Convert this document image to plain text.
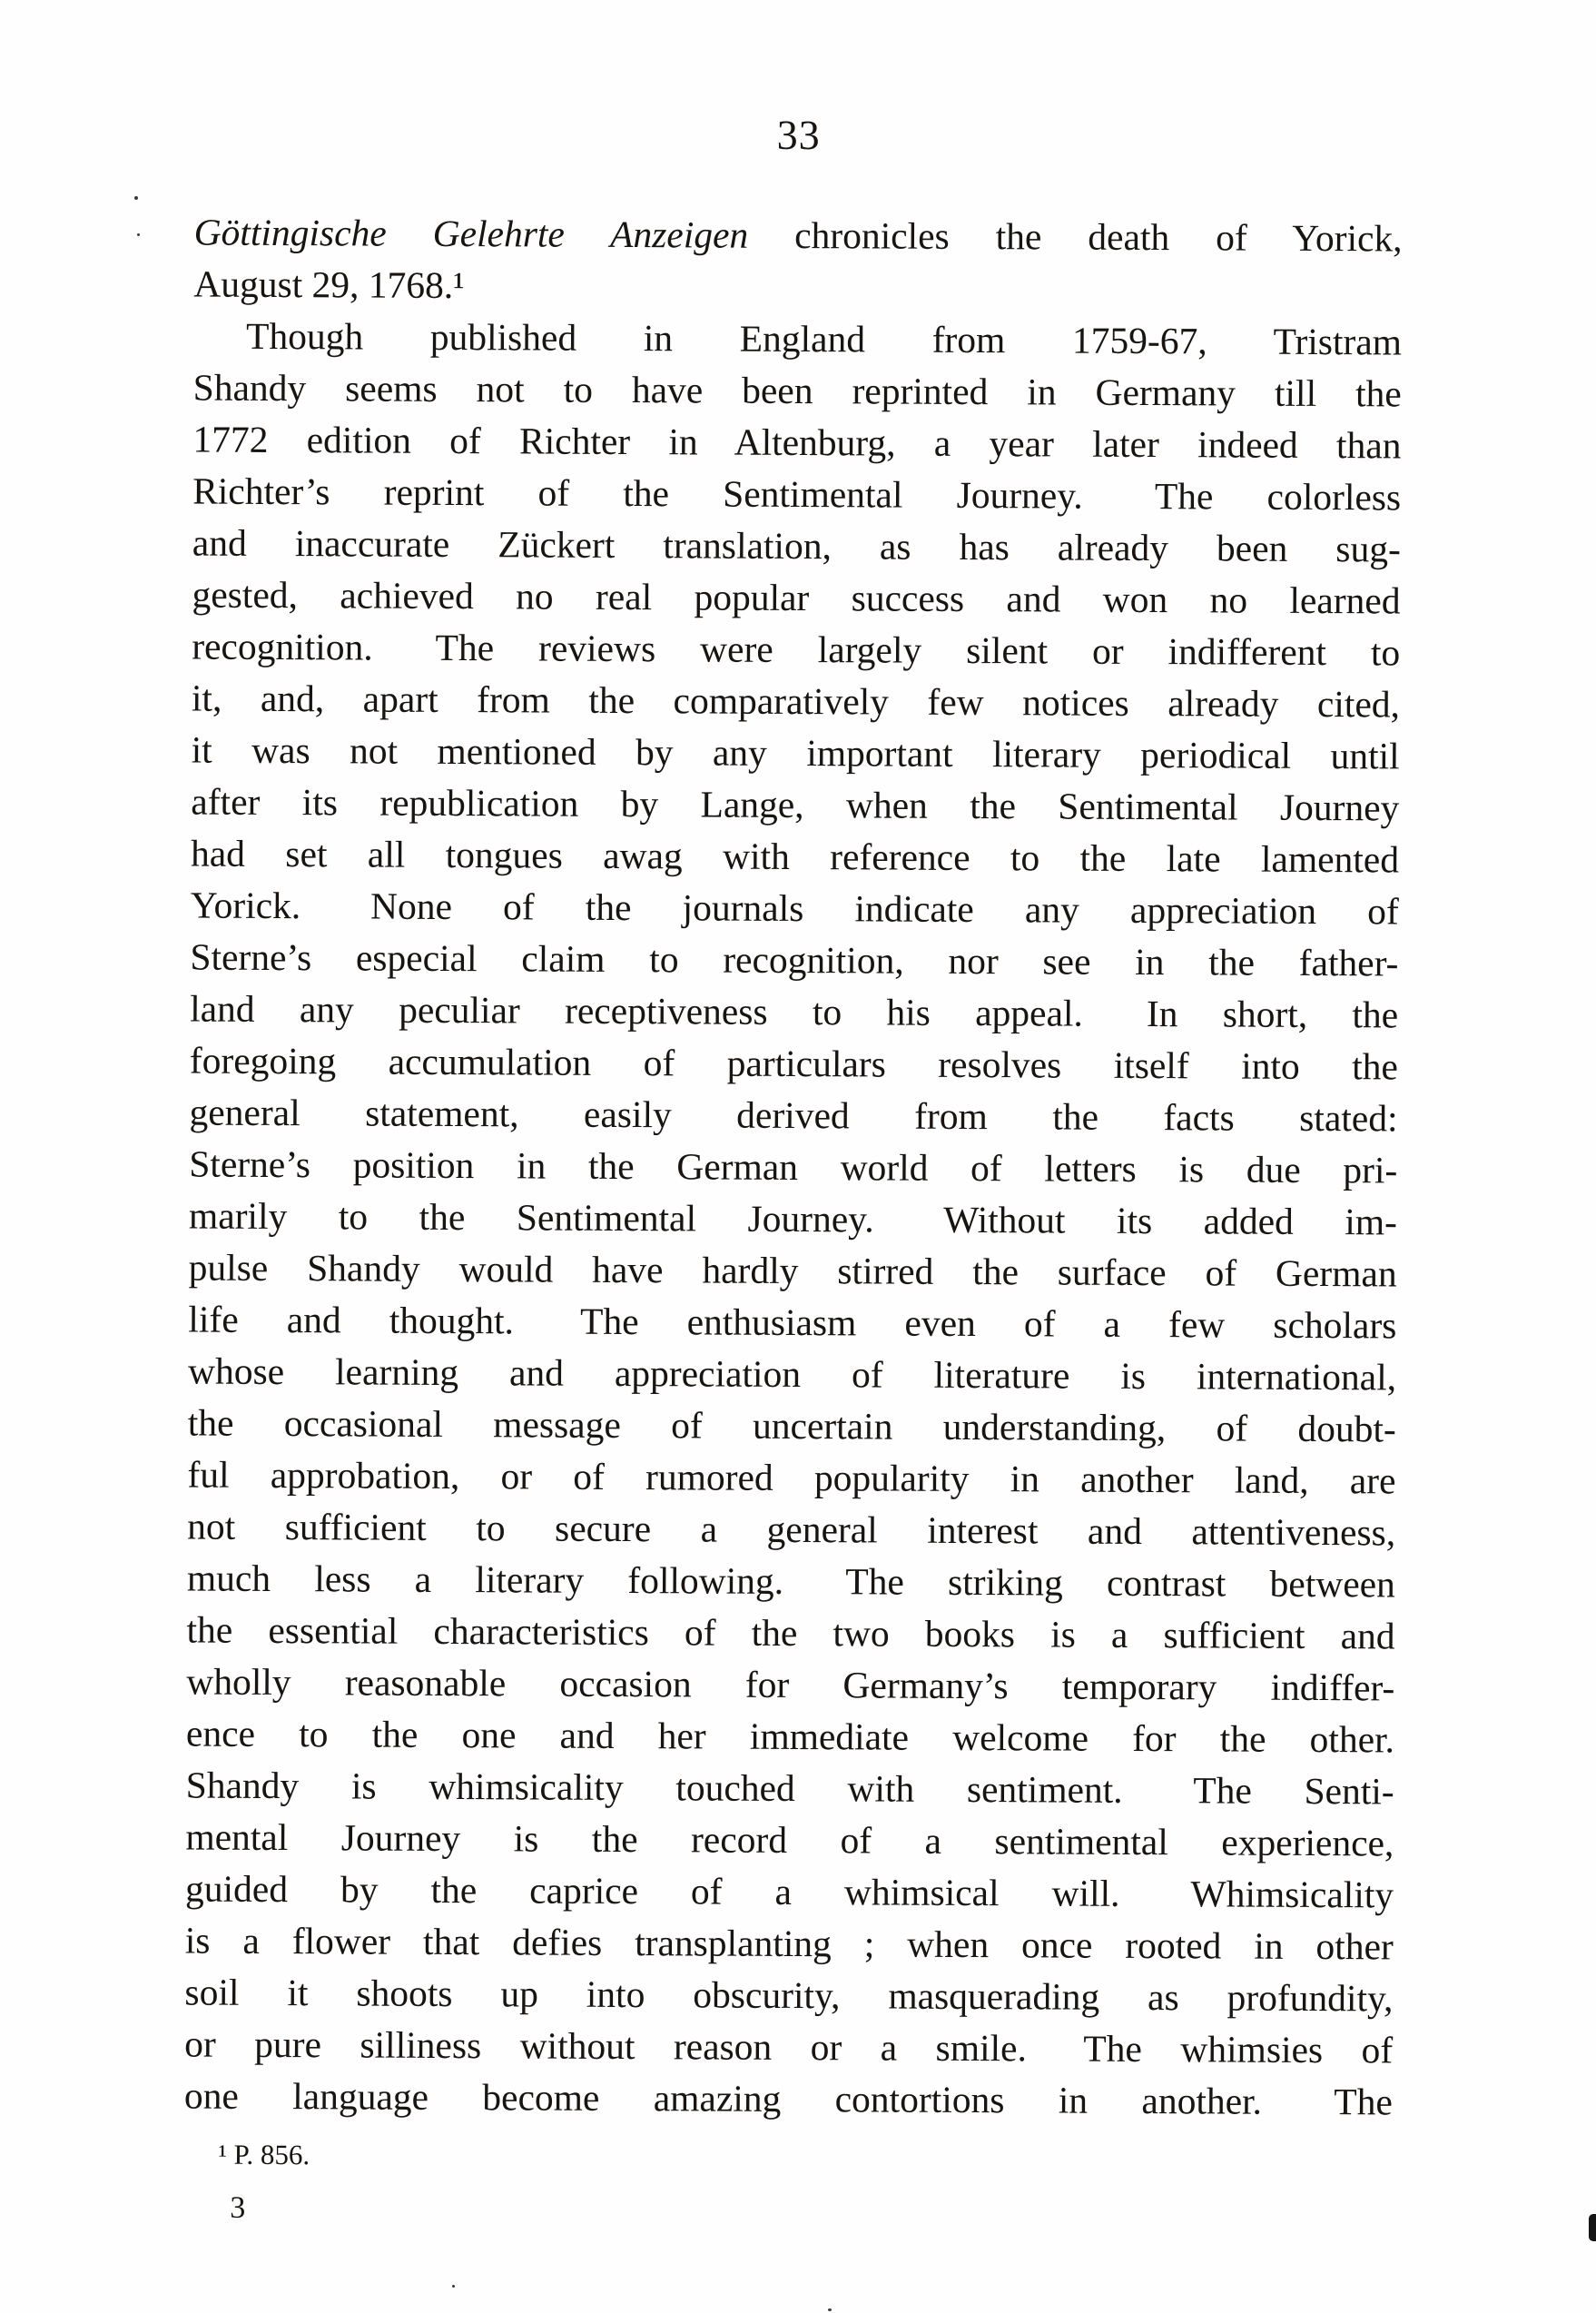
33
Göttingische Gelehrte Anzeigen chronicles the death of Yorick,
August 29, 1768.¹
Though published in England from 1759-67, Tristram
Shandy seems not to have been reprinted in Germany till the
1772 edition of Richter in Altenburg, a year later indeed than
Richter’s reprint of the Sentimental Journey.  The colorless
and inaccurate Zückert translation, as has already been sug-
gested, achieved no real popular success and won no learned
recognition.  The reviews were largely silent or indifferent to
it, and, apart from the comparatively few notices already cited,
it was not mentioned by any important literary periodical until
after its republication by Lange, when the Sentimental Journey
had set all tongues awag with reference to the late lamented
Yorick.  None of the journals indicate any appreciation of
Sterne’s especial claim to recognition, nor see in the father-
land any peculiar receptiveness to his appeal.  In short, the
foregoing accumulation of particulars resolves itself into the
general statement, easily derived from the facts stated:
Sterne’s position in the German world of letters is due pri-
marily to the Sentimental Journey.  Without its added im-
pulse Shandy would have hardly stirred the surface of German
life and thought.  The enthusiasm even of a few scholars
whose learning and appreciation of literature is international,
the occasional message of uncertain understanding, of doubt-
ful approbation, or of rumored popularity in another land, are
not sufficient to secure a general interest and attentiveness,
much less a literary following.  The striking contrast between
the essential characteristics of the two books is a sufficient and
wholly reasonable occasion for Germany’s temporary indiffer-
ence to the one and her immediate welcome for the other.
Shandy is whimsicality touched with sentiment.  The Senti-
mental Journey is the record of a sentimental experience,
guided by the caprice of a whimsical will.  Whimsicality
is a flower that defies transplanting ; when once rooted in other
soil it shoots up into obscurity, masquerading as profundity,
or pure silliness without reason or a smile.  The whimsies of
one language become amazing contortions in another.  The
¹ P. 856.
3
